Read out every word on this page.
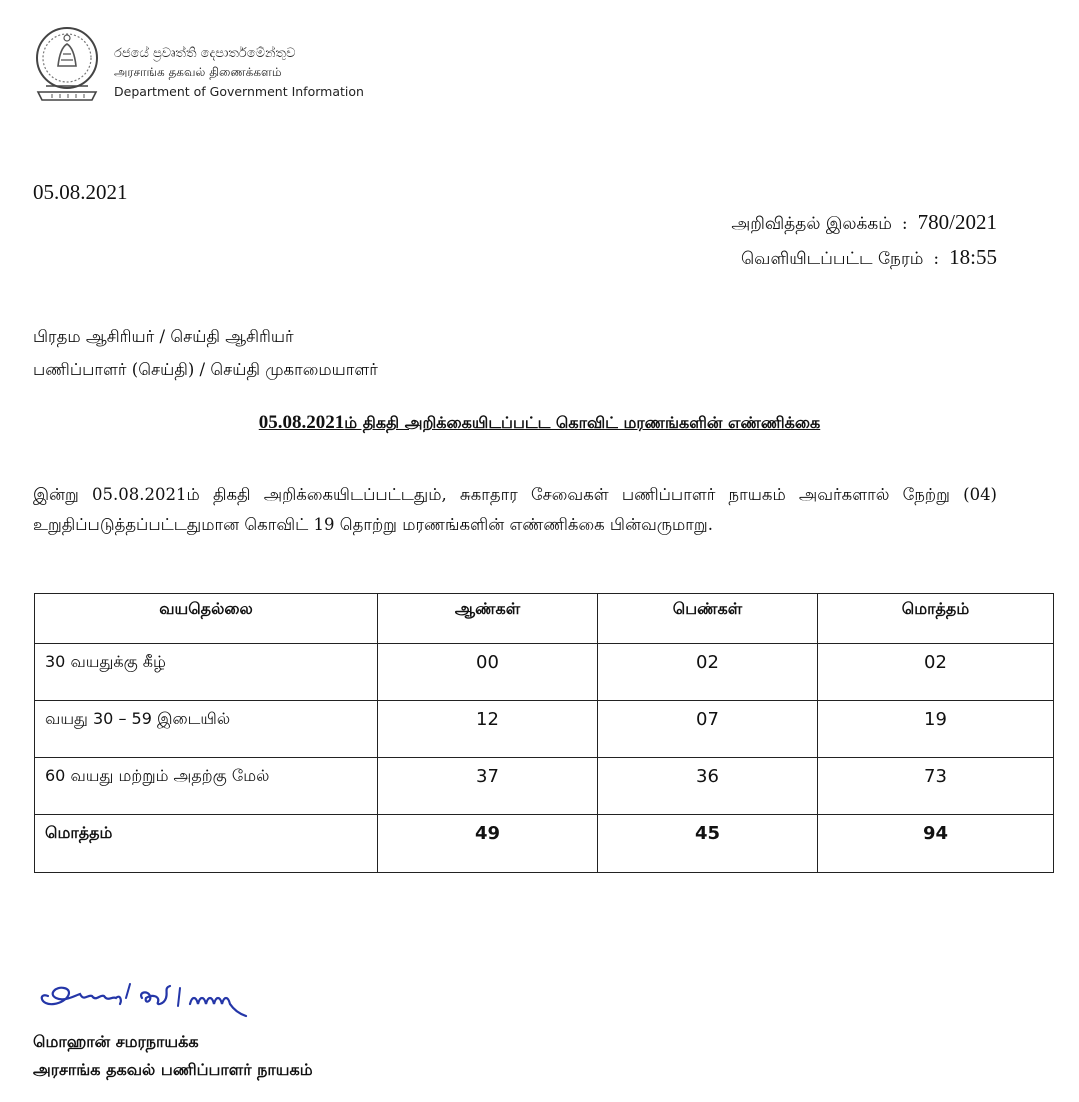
රජයේ ප්‍රවෘත්ති දෙපාර්තමේන්තුව
அரசாங்க தகவல் திணைக்களம்
Department of Government Information
05.08.2021
அறிவித்தல் இலக்கம் : 780/2021
வெளியிடப்பட்ட நேரம் : 18:55
பிரதம ஆசிரியர் / செய்தி ஆசிரியர்
பணிப்பாளர் (செய்தி) / செய்தி முகாமையாளர்
05.08.2021ம் திகதி அறிக்கையிடப்பட்ட கொவிட் மரணங்களின் எண்ணிக்கை
இன்று 05.08.2021ம் திகதி அறிக்கையிடப்பட்டதும், சுகாதார சேவைகள் பணிப்பாளர் நாயகம் அவர்களால் நேற்று (04) உறுதிப்படுத்தப்பட்டதுமான கொவிட் 19 தொற்று மரணங்களின் எண்ணிக்கை பின்வருமாறு.
வயதெல்லை	ஆண்கள்	பெண்கள்	மொத்தம்
30 வயதுக்கு கீழ்	00	02	02
வயது 30 – 59 இடையில்	12	07	19
60 வயது மற்றும் அதற்கு மேல்	37	36	73
மொத்தம்	49	45	94
மொஹான் சமரநாயக்க
அரசாங்க தகவல் பணிப்பாளர் நாயகம்
